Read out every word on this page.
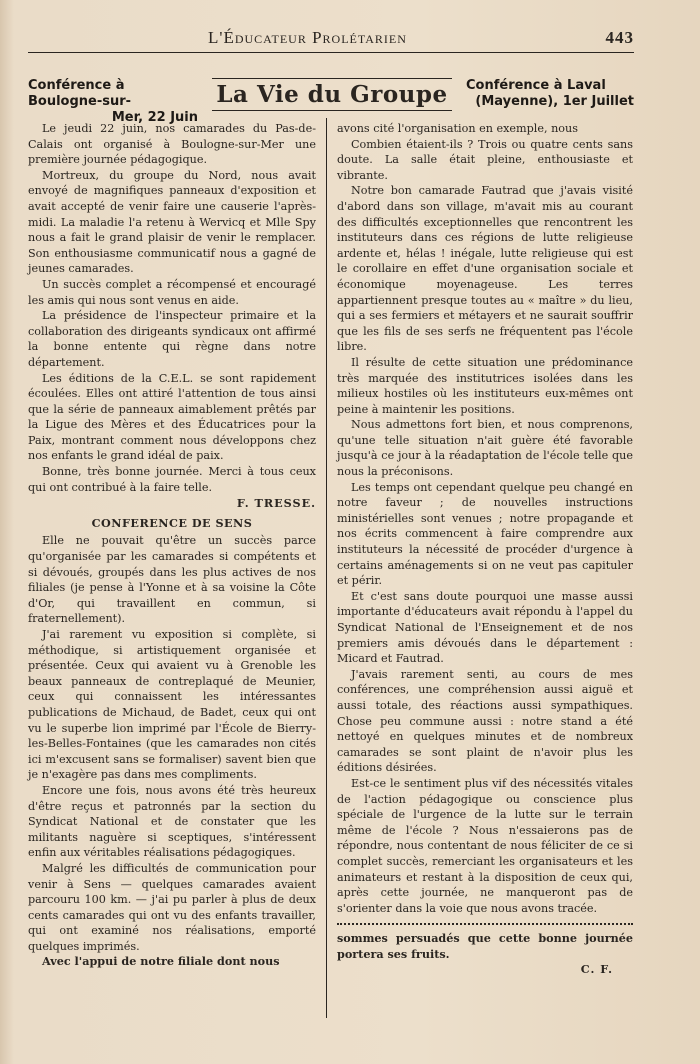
L'Éducateur Prolétarien	443
Conférence à Boulogne-sur-
Mer, 22 Juin
La Vie du Groupe	Conférence à Laval
(Mayenne), 1er Juillet

Le jeudi 22 juin, nos camarades du Pas-de-Calais ont organisé à Boulogne-sur-Mer une première journée pédagogique.

Mortreux, du groupe du Nord, nous avait envoyé de magnifiques panneaux d'exposition et avait accepté de venir faire une causerie l'après-midi. La maladie l'a retenu à Wervicq et Mlle Spy nous a fait le grand plaisir de venir le remplacer. Son enthousiasme communicatif nous a gagné de jeunes camarades.

Un succès complet a récompensé et encouragé les amis qui nous sont venus en aide.

La présidence de l'inspecteur primaire et la collaboration des dirigeants syndicaux ont affirmé la bonne entente qui règne dans notre département.

Les éditions de la C.E.L. se sont rapidement écoulées. Elles ont attiré l'attention de tous ainsi que la série de panneaux aimablement prêtés par la Ligue des Mères et des Éducatrices pour la Paix, montrant comment nous développons chez nos enfants le grand idéal de paix.

Bonne, très bonne journée. Merci à tous ceux qui ont contribué à la faire telle.

F. TRESSE.
CONFERENCE DE SENS

Elle ne pouvait qu'être un succès parce qu'organisée par les camarades si compétents et si dévoués, groupés dans les plus actives de nos filiales (je pense à l'Yonne et à sa voisine la Côte d'Or, qui travaillent en commun, si fraternellement).

J'ai rarement vu exposition si complète, si méthodique, si artistiquement organisée et présentée. Ceux qui avaient vu à Grenoble les beaux panneaux de contreplaqué de Meunier, ceux qui connaissent les intéressantes publications de Michaud, de Badet, ceux qui ont vu le superbe lion imprimé par l'École de Bierry-les-Belles-Fontaines (que les camarades non cités ici m'excusent sans se formaliser) savent bien que je n'exagère pas dans mes compliments.

Encore une fois, nous avons été très heureux d'être reçus et patronnés par la section du Syndicat National et de constater que les militants naguère si sceptiques, s'intéressent enfin aux véritables réalisations pédagogiques.

Malgré les difficultés de communication pour venir à Sens — quelques camarades avaient parcouru 100 km. — j'ai pu parler à plus de deux cents camarades qui ont vu des enfants travailler, qui ont examiné nos réalisations, emporté quelques imprimés.

Avec l'appui de notre filiale dont nous

avons cité l'organisation en exemple, nous

Combien étaient-ils ? Trois ou quatre cents sans doute. La salle était pleine, enthousiaste et vibrante.

Notre bon camarade Fautrad que j'avais visité d'abord dans son village, m'avait mis au courant des difficultés exceptionnelles que rencontrent les instituteurs dans ces régions de lutte religieuse ardente et, hélas ! inégale, lutte religieuse qui est le corollaire en effet d'une organisation sociale et économique moyenageuse. Les terres appartiennent presque toutes au « maître » du lieu, qui a ses fermiers et métayers et ne saurait souffrir que les fils de ses serfs ne fréquentent pas l'école libre.

Il résulte de cette situation une prédominance très marquée des institutrices isolées dans les milieux hostiles où les instituteurs eux-mêmes ont peine à maintenir les positions.

Nous admettons fort bien, et nous comprenons, qu'une telle situation n'ait guère été favorable jusqu'à ce jour à la réadaptation de l'école telle que nous la préconisons.

Les temps ont cependant quelque peu changé en notre faveur ; de nouvelles instructions ministérielles sont venues ; notre propagande et nos écrits commencent à faire comprendre aux instituteurs la nécessité de procéder d'urgence à certains aménagements si on ne veut pas capituler et périr.

Et c'est sans doute pourquoi une masse aussi importante d'éducateurs avait répondu à l'appel du Syndicat National de l'Enseignement et de nos premiers amis dévoués dans le département : Micard et Fautrad.

J'avais rarement senti, au cours de mes conférences, une compréhension aussi aiguë et aussi totale, des réactions aussi sympathiques. Chose peu commune aussi : notre stand a été nettoyé en quelques minutes et de nombreux camarades se sont plaint de n'avoir plus les éditions désirées.

Est-ce le sentiment plus vif des nécessités vitales de l'action pédagogique ou conscience plus spéciale de l'urgence de la lutte sur le terrain même de l'école ? Nous n'essaierons pas de répondre, nous contentant de nous féliciter de ce si complet succès, remerciant les organisateurs et les animateurs et restant à la disposition de ceux qui, après cette journée, ne manqueront pas de s'orienter dans la voie que nous avons tracée.

sommes persuadés que cette bonne journée portera ses fruits.

C. F.
